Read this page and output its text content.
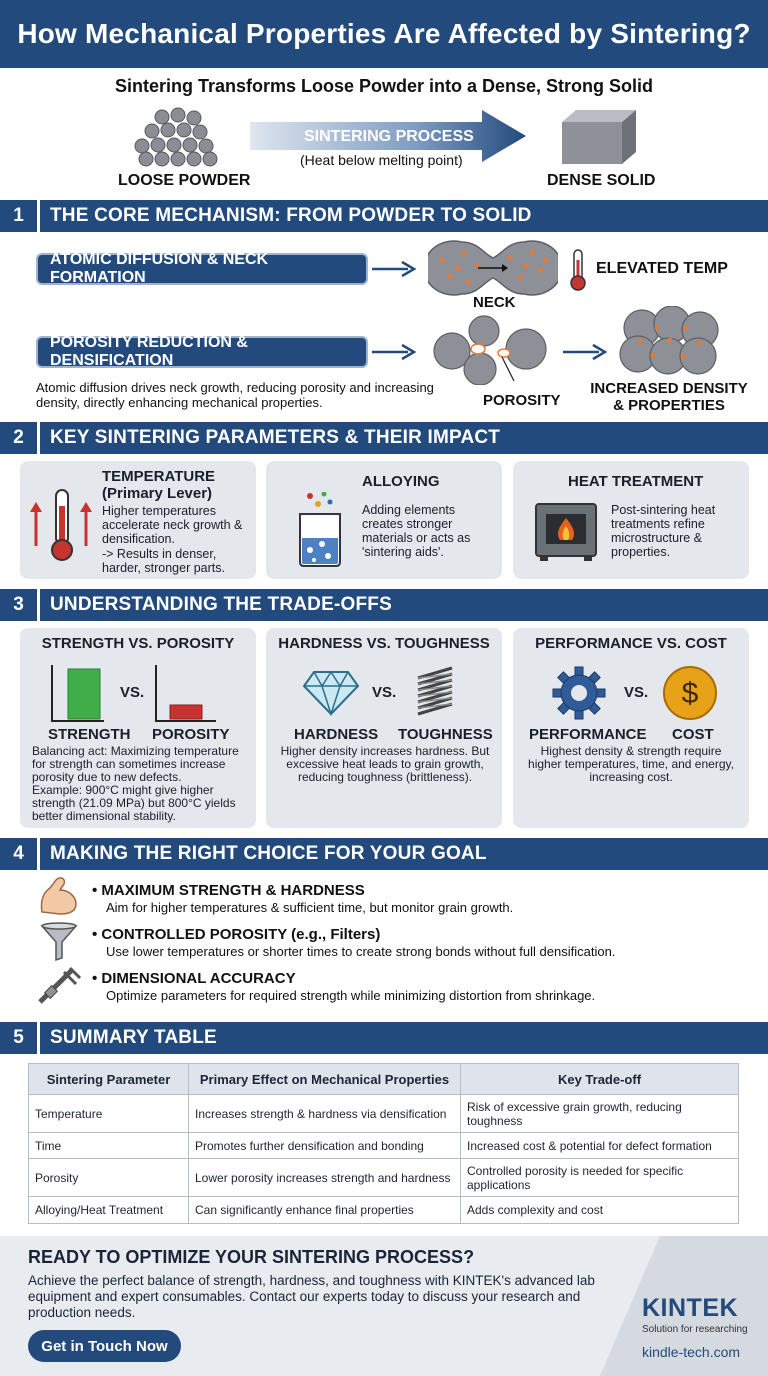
How Mechanical Properties Are Affected by Sintering?
Sintering Transforms Loose Powder into a Dense, Strong Solid
LOOSE POWDER
SINTERING PROCESS
(Heat below melting point)
DENSE SOLID
1	THE CORE MECHANISM: FROM POWDER TO SOLID
ATOMIC DIFFUSION & NECK FORMATION
NECK
ELEVATED TEMP
POROSITY REDUCTION & DENSIFICATION
POROSITY
INCREASED DENSITY & PROPERTIES
Atomic diffusion drives neck growth, reducing porosity and increasing density, directly enhancing mechanical properties.
2	KEY SINTERING PARAMETERS & THEIR IMPACT
TEMPERATURE
(Primary Lever)
Higher temperatures accelerate neck growth & densification.
-> Results in denser, harder, stronger parts.
ALLOYING
Adding elements creates stronger materials or acts as 'sintering aids'.
HEAT TREATMENT
Post-sintering heat treatments refine microstructure & properties.
3	UNDERSTANDING THE TRADE-OFFS
STRENGTH VS. POROSITY
VS.
STRENGTH POROSITY
Balancing act: Maximizing temperature for strength can sometimes increase porosity due to new defects.
Example: 900°C might give higher strength (21.09 MPa) but 800°C yields better dimensional stability.
HARDNESS VS. TOUGHNESS
VS.
HARDNESS TOUGHNESS
Higher density increases hardness. But excessive heat leads to grain growth, reducing toughness (brittleness).
PERFORMANCE VS. COST
VS. $
PERFORMANCE COST
Highest density & strength require higher temperatures, time, and energy, increasing cost.
4	MAKING THE RIGHT CHOICE FOR YOUR GOAL
• MAXIMUM STRENGTH & HARDNESS
Aim for higher temperatures & sufficient time, but monitor grain growth.
• CONTROLLED POROSITY (e.g., Filters)
Use lower temperatures or shorter times to create strong bonds without full densification.
• DIMENSIONAL ACCURACY
Optimize parameters for required strength while minimizing distortion from shrinkage.
5	SUMMARY TABLE
Sintering Parameter	Primary Effect on Mechanical Properties	Key Trade-off
Temperature	Increases strength & hardness via densification	Risk of excessive grain growth, reducing toughness
Time	Promotes further densification and bonding	Increased cost & potential for defect formation
Porosity	Lower porosity increases strength and hardness	Controlled porosity is needed for specific applications
Alloying/Heat Treatment	Can significantly enhance final properties	Adds complexity and cost
READY TO OPTIMIZE YOUR SINTERING PROCESS?
Achieve the perfect balance of strength, hardness, and toughness with KINTEK's advanced lab equipment and expert consumables. Contact our experts today to discuss your research and production needs.
Get in Touch Now
KINTEK
Solution for researching
kindle-tech.com
